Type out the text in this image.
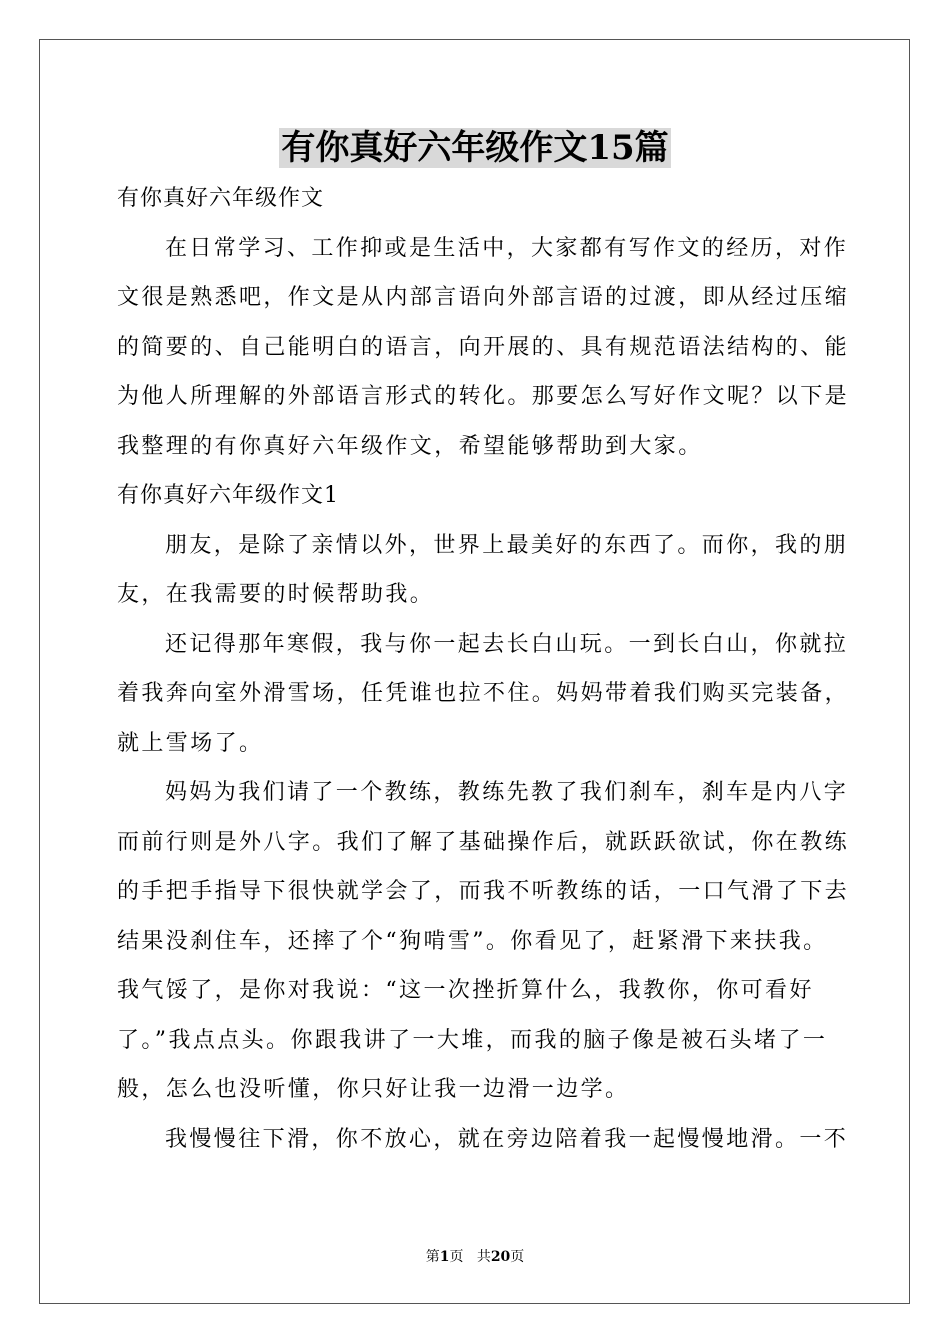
有你真好六年级作文15篇
有你真好六年级作文
在日常学习、工作抑或是生活中，大家都有写作文的经历，对作
文很是熟悉吧，作文是从内部言语向外部言语的过渡，即从经过压缩
的简要的、自己能明白的语言，向开展的、具有规范语法结构的、能
为他人所理解的外部语言形式的转化。那要怎么写好作文呢？以下是
我整理的有你真好六年级作文，希望能够帮助到大家。
有你真好六年级作文1
朋友，是除了亲情以外，世界上最美好的东西了。而你，我的朋
友，在我需要的时候帮助我。
还记得那年寒假，我与你一起去长白山玩。一到长白山，你就拉
着我奔向室外滑雪场，任凭谁也拉不住。妈妈带着我们购买完装备，
就上雪场了。
妈妈为我们请了一个教练，教练先教了我们刹车，刹车是内八字
而前行则是外八字。我们了解了基础操作后，就跃跃欲试，你在教练
的手把手指导下很快就学会了，而我不听教练的话，一口气滑了下去
结果没刹住车，还摔了个“狗啃雪”。你看见了，赶紧滑下来扶我。
我气馁了，是你对我说：“这一次挫折算什么，我教你，你可看好
了。”我点点头。你跟我讲了一大堆，而我的脑子像是被石头堵了一
般，怎么也没听懂，你只好让我一边滑一边学。
我慢慢往下滑，你不放心，就在旁边陪着我一起慢慢地滑。一不
第1页 共20页
